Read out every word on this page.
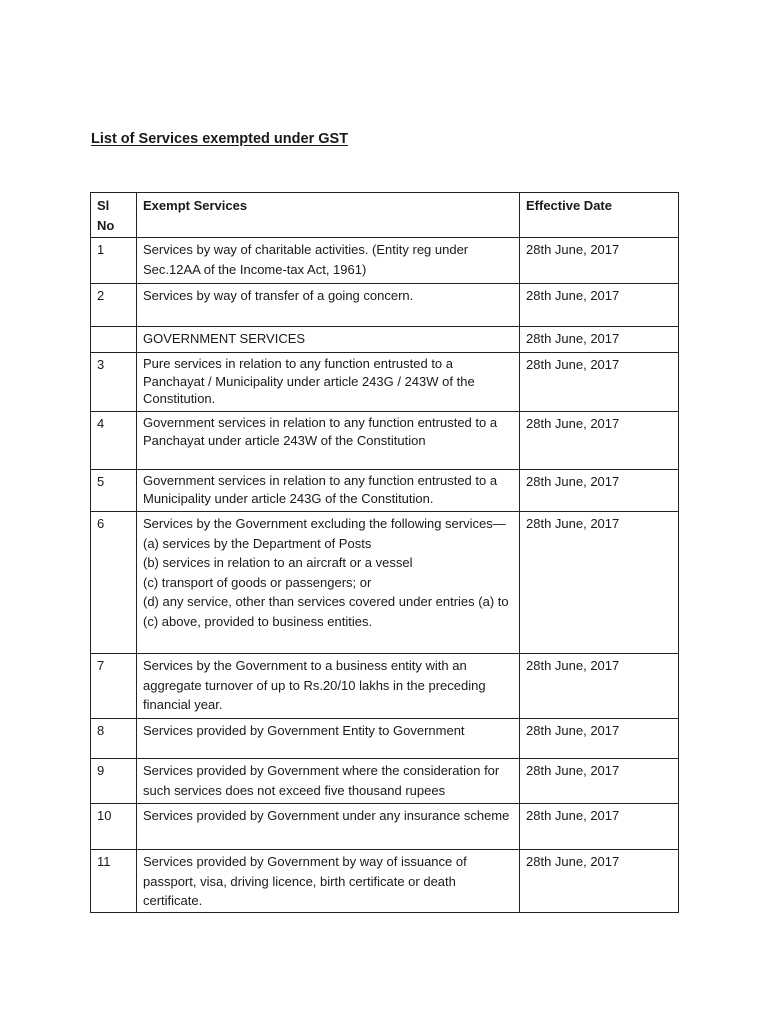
List of Services exempted under GST
Sl No	Exempt Services	Effective Date
1	Services by way of charitable activities. (Entity reg under Sec.12AA of the Income-tax Act, 1961)	28th June, 2017
2	Services by way of transfer of a going concern.	28th June, 2017
	GOVERNMENT SERVICES	28th June, 2017
3	Pure services in relation to any function entrusted to a Panchayat / Municipality under article 243G / 243W of the Constitution.	28th June, 2017
4	Government services in relation to any function entrusted to a Panchayat under article 243W of the Constitution	28th June, 2017
5	Government services in relation to any function entrusted to a Municipality under article 243G of the Constitution.	28th June, 2017
6	Services by the Government excluding the following services—
(a) services by the Department of Posts
(b) services in relation to an aircraft or a vessel
(c) transport of goods or passengers; or
(d) any service, other than services covered under entries (a) to (c) above, provided to business entities.	28th June, 2017
7	Services by the Government to a business entity with an aggregate turnover of up to Rs.20/10 lakhs in the preceding financial year.	28th June, 2017
8	Services provided by Government Entity to Government	28th June, 2017
9	Services provided by Government where the consideration for such services does not exceed five thousand rupees	28th June, 2017
10	Services provided by Government under any insurance scheme	28th June, 2017
11	Services provided by Government by way of issuance of passport, visa, driving licence, birth certificate or death certificate.	28th June, 2017
